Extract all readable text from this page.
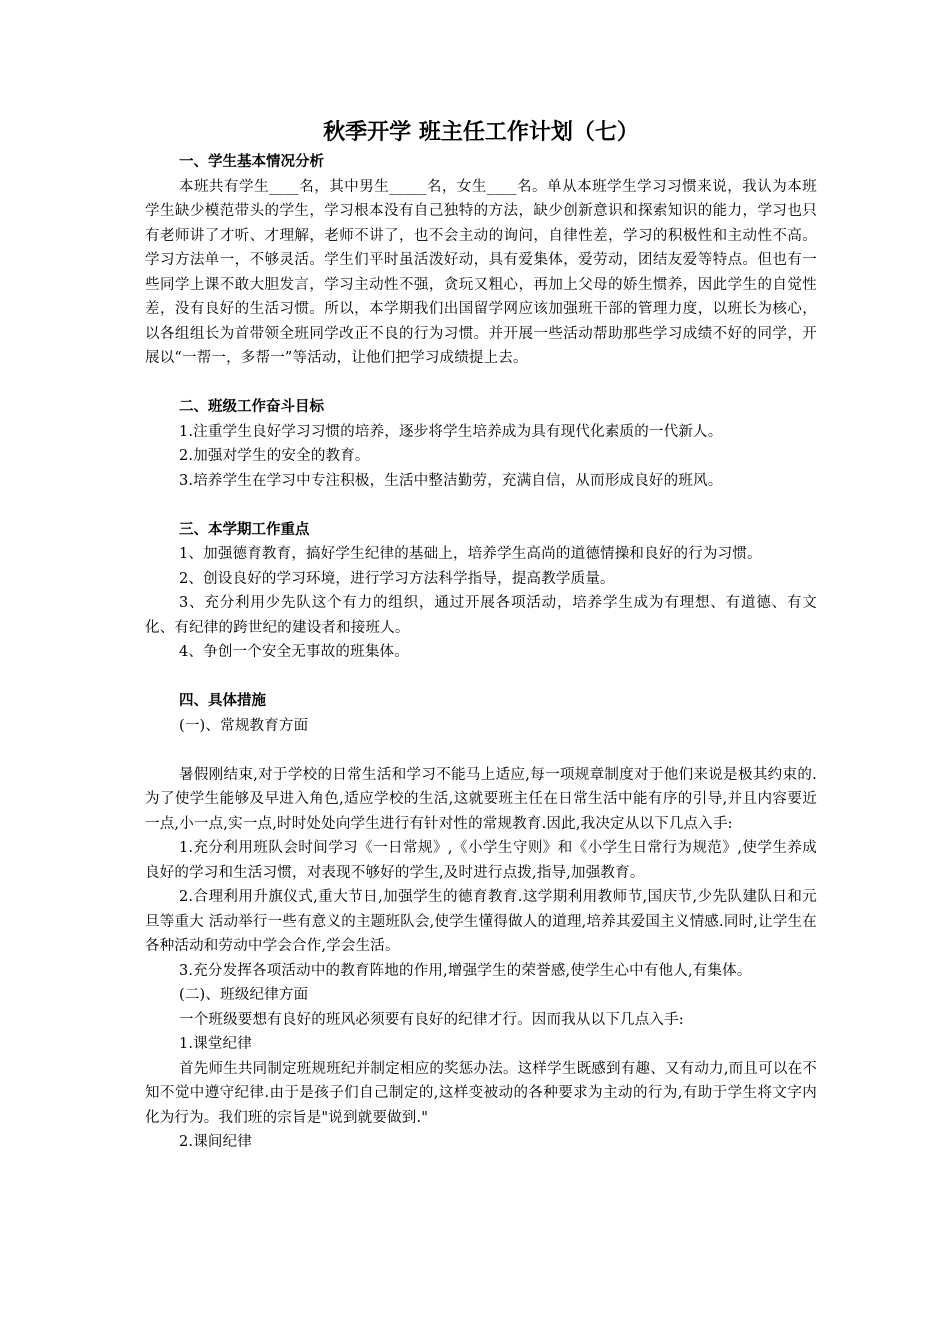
秋季开学 班主任工作计划（七）

一、学生基本情况分析

本班共有学生____名，其中男生_____名，女生____名。单从本班学生学习习惯来说，我认为本班学生缺少模范带头的学生，学习根本没有自己独特的方法，缺少创新意识和探索知识的能力，学习也只有老师讲了才听、才理解，老师不讲了，也不会主动的询问，自律性差，学习的积极性和主动性不高。学习方法单一，不够灵活。学生们平时虽活泼好动，具有爱集体，爱劳动，团结友爱等特点。但也有一些同学上课不敢大胆发言，学习主动性不强，贪玩又粗心，再加上父母的娇生惯养，因此学生的自觉性差，没有良好的生活习惯。所以，本学期我们出国留学网应该加强班干部的管理力度，以班长为核心，以各组组长为首带领全班同学改正不良的行为习惯。并开展一些活动帮助那些学习成绩不好的同学，开展以“一帮一，多帮一”等活动，让他们把学习成绩提上去。

二、班级工作奋斗目标

1.注重学生良好学习习惯的培养，逐步将学生培养成为具有现代化素质的一代新人。

2.加强对学生的安全的教育。

3.培养学生在学习中专注积极，生活中整洁勤劳，充满自信，从而形成良好的班风。

三、本学期工作重点

1、加强德育教育，搞好学生纪律的基础上，培养学生高尚的道德情操和良好的行为习惯。

2、创设良好的学习环境，进行学习方法科学指导，提高教学质量。

3、充分利用少先队这个有力的组织，通过开展各项活动，培养学生成为有理想、有道德、有文化、有纪律的跨世纪的建设者和接班人。

4、争创一个安全无事故的班集体。

四、具体措施

(一)、常规教育方面

暑假刚结束,对于学校的日常生活和学习不能马上适应,每一项规章制度对于他们来说是极其约束的.为了使学生能够及早进入角色,适应学校的生活,这就要班主任在日常生活中能有序的引导,并且内容要近一点,小一点,实一点,时时处处向学生进行有针对性的常规教育.因此,我决定从以下几点入手:

1.充分利用班队会时间学习《一日常规》,《小学生守则》和《小学生日常行为规范》,使学生养成良好的学习和生活习惯，对表现不够好的学生,及时进行点拨,指导,加强教育。

2.合理利用升旗仪式,重大节日,加强学生的德育教育.这学期利用教师节,国庆节,少先队建队日和元旦等重大 活动举行一些有意义的主题班队会,使学生懂得做人的道理,培养其爱国主义情感.同时,让学生在各种活动和劳动中学会合作,学会生活。

3.充分发挥各项活动中的教育阵地的作用,增强学生的荣誉感,使学生心中有他人,有集体。

(二)、班级纪律方面

一个班级要想有良好的班风必须要有良好的纪律才行。因而我从以下几点入手:

1.课堂纪律

首先师生共同制定班规班纪并制定相应的奖惩办法。这样学生既感到有趣、又有动力,而且可以在不知不觉中遵守纪律.由于是孩子们自己制定的,这样变被动的各种要求为主动的行为,有助于学生将文字内化为行为。我们班的宗旨是"说到就要做到."

2.课间纪律
